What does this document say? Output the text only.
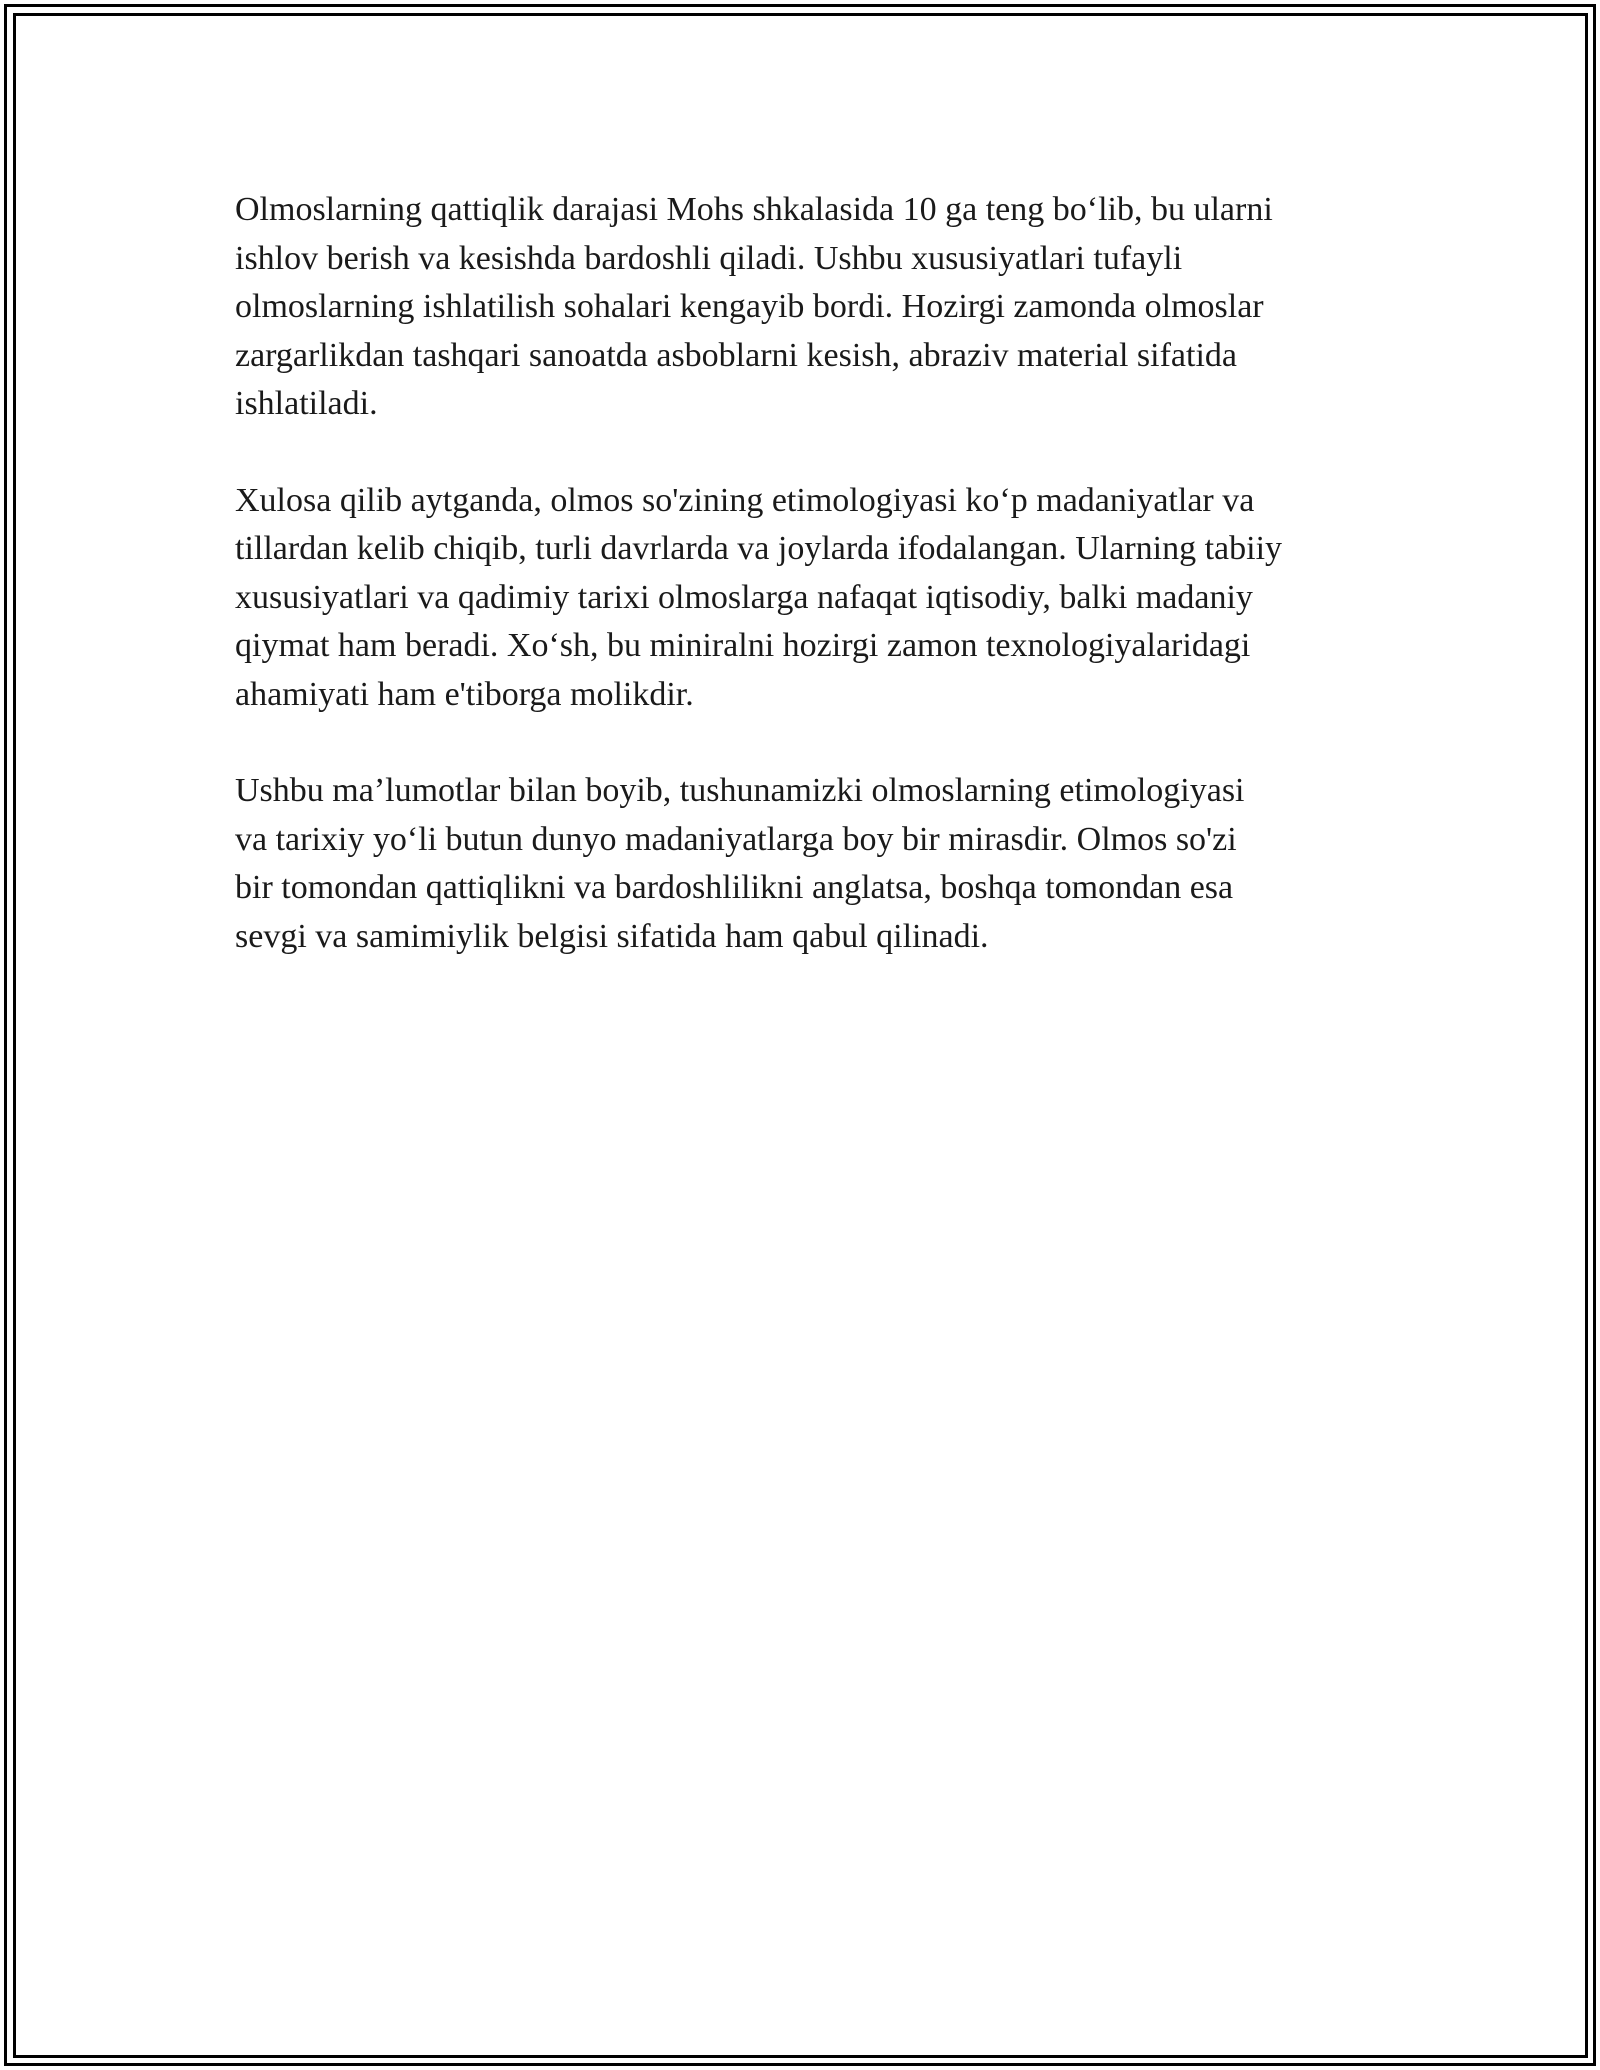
Olmoslarning qattiqlik darajasi Mohs shkalasida 10 ga teng bo‘lib, bu ularni
ishlov berish va kesishda bardoshli qiladi. Ushbu xususiyatlari tufayli
olmoslarning ishlatilish sohalari kengayib bordi. Hozirgi zamonda olmoslar
zargarlikdan tashqari sanoatda asboblarni kesish, abraziv material sifatida
ishlatiladi.

Xulosa qilib aytganda, olmos so'zining etimologiyasi ko‘p madaniyatlar va
tillardan kelib chiqib, turli davrlarda va joylarda ifodalangan. Ularning tabiiy
xususiyatlari va qadimiy tarixi olmoslarga nafaqat iqtisodiy, balki madaniy
qiymat ham beradi. Xo‘sh, bu miniralni hozirgi zamon texnologiyalaridagi
ahamiyati ham e'tiborga molikdir.

Ushbu ma’lumotlar bilan boyib, tushunamizki olmoslarning etimologiyasi
va tarixiy yo‘li butun dunyo madaniyatlarga boy bir mirasdir. Olmos so'zi
bir tomondan qattiqlikni va bardoshlilikni anglatsa, boshqa tomondan esa
sevgi va samimiylik belgisi sifatida ham qabul qilinadi.
